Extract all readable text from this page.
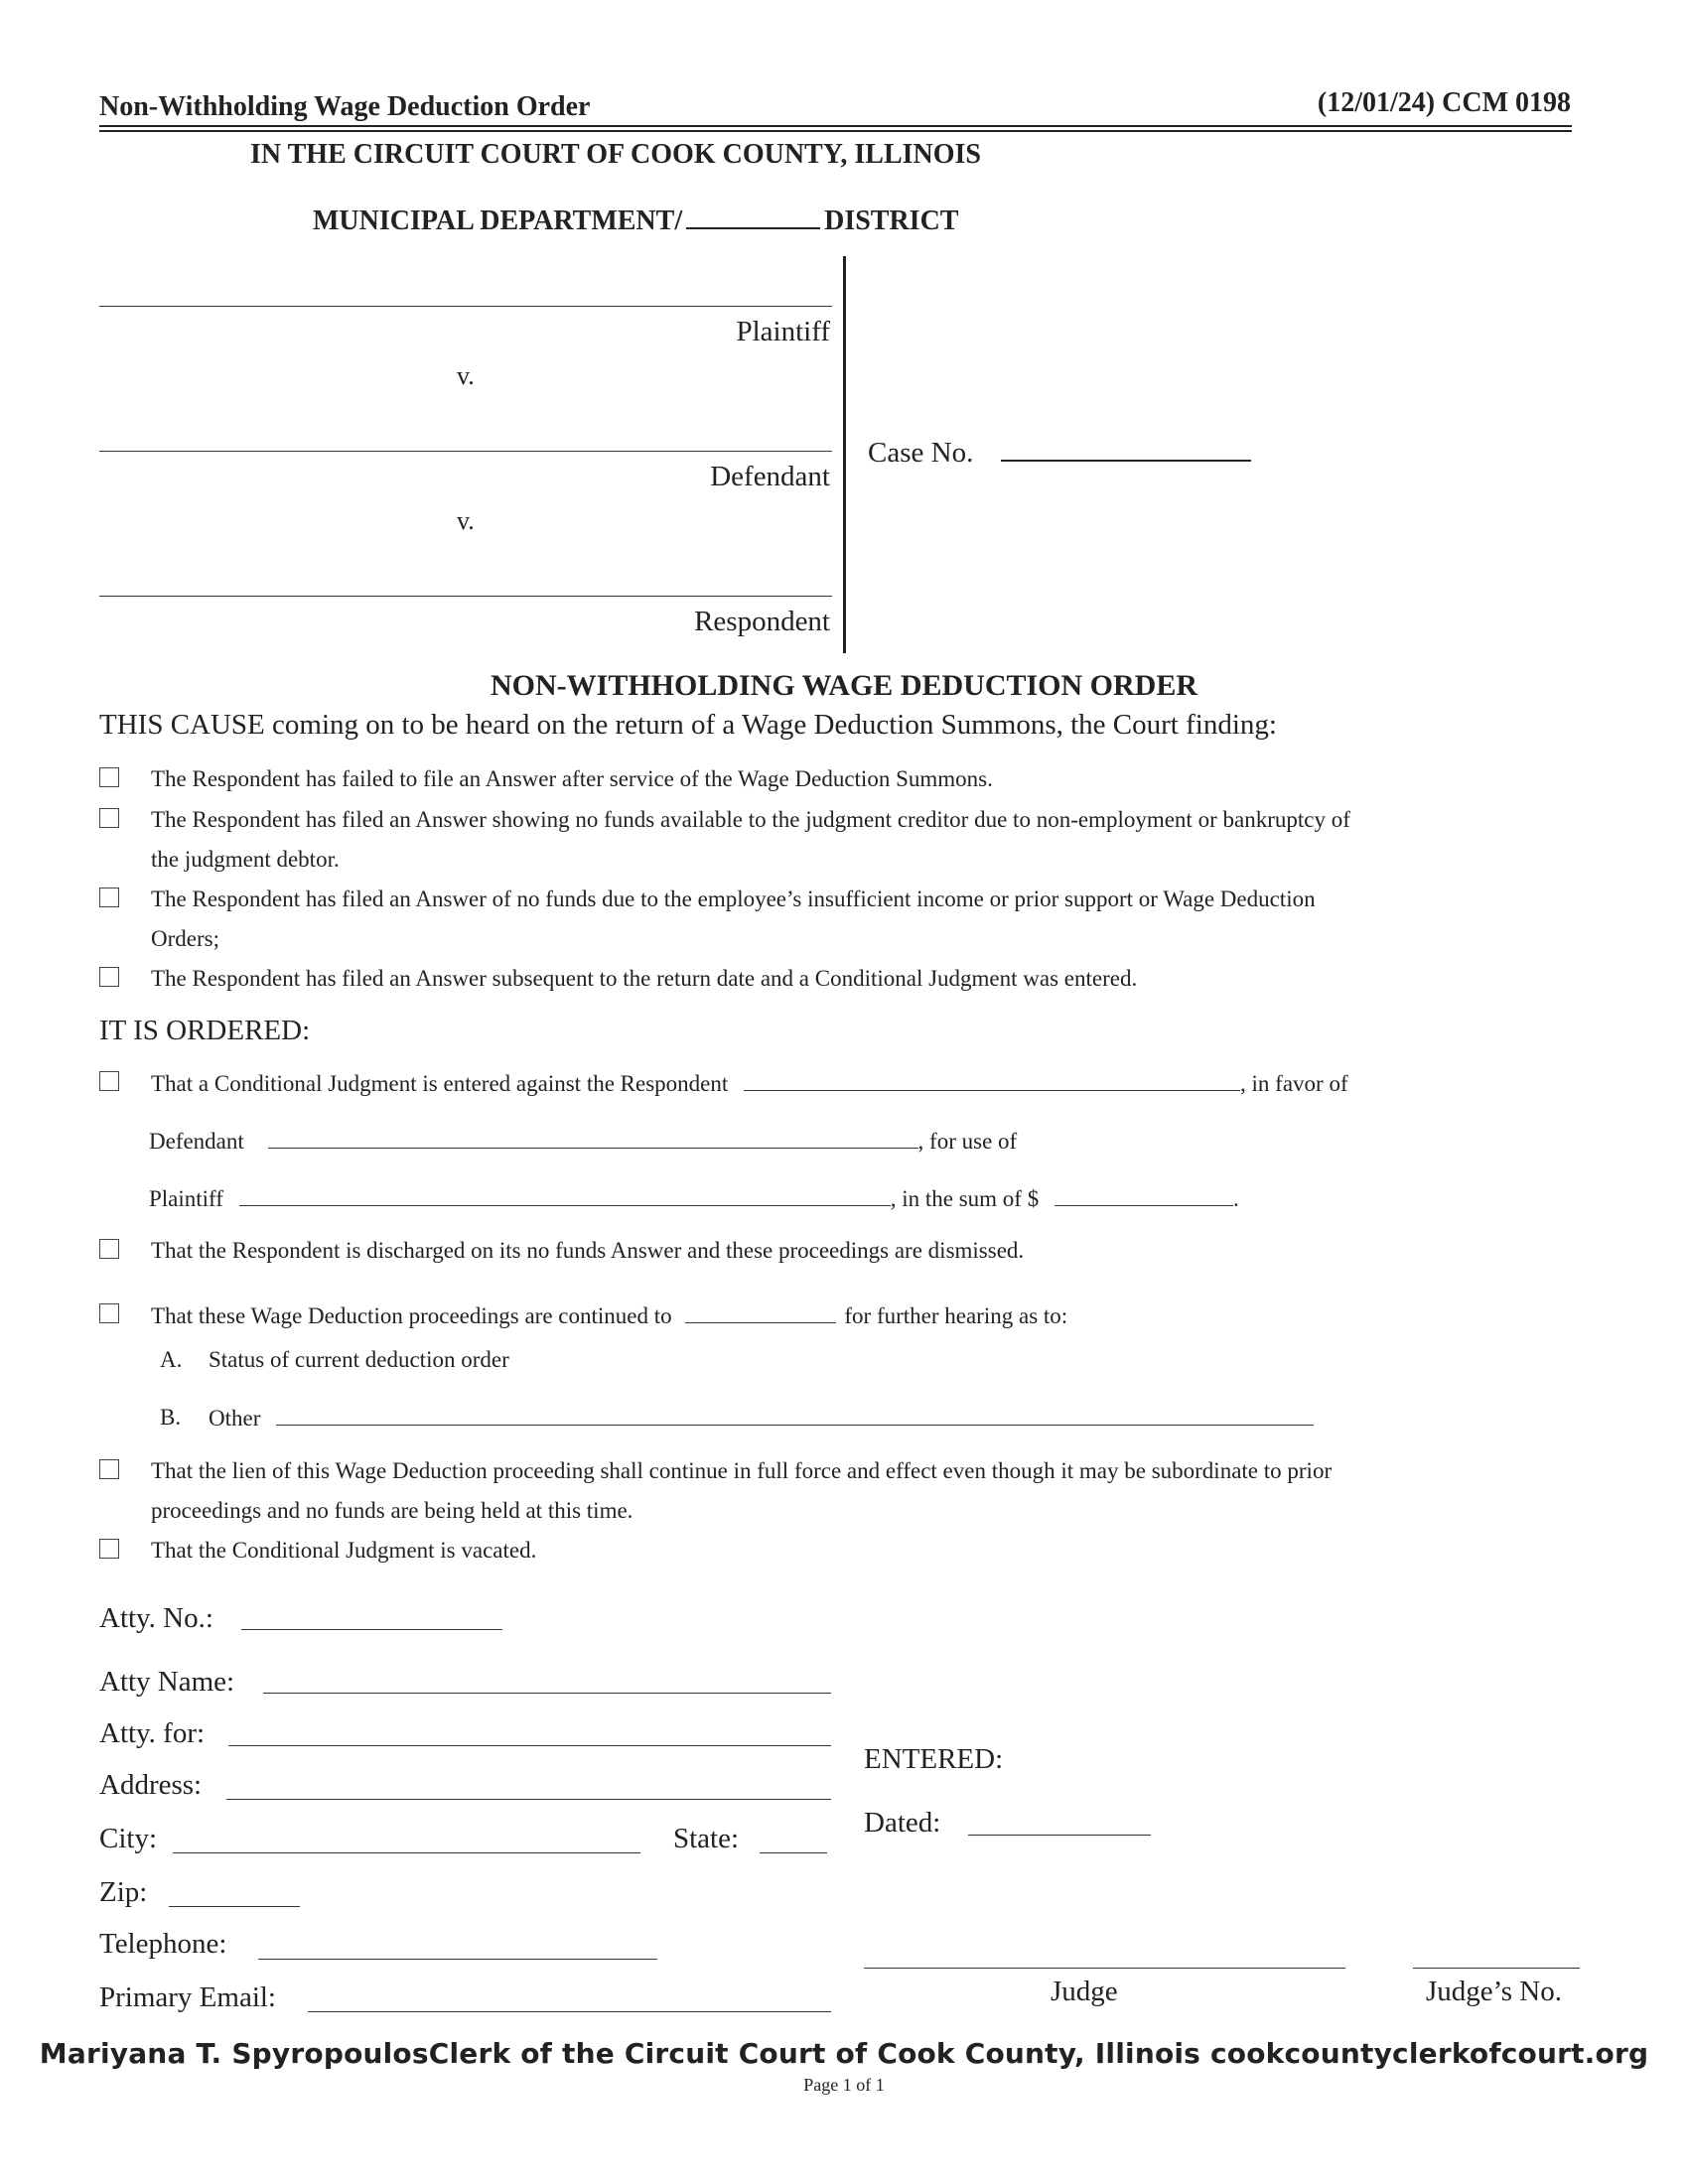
Non-Withholding Wage Deduction Order	(12/01/24) CCM 0198
IN THE CIRCUIT COURT OF COOK COUNTY, ILLINOIS
MUNICIPAL DEPARTMENT/	DISTRICT
Plaintiff
v.
Defendant
v.
Respondent
Case No.
NON-WITHHOLDING WAGE DEDUCTION ORDER
THIS CAUSE coming on to be heard on the return of a Wage Deduction Summons, the Court finding:
The Respondent has failed to file an Answer after service of the Wage Deduction Summons.
The Respondent has filed an Answer showing no funds available to the judgment creditor due to non-employment or bankruptcy of
the judgment debtor.
The Respondent has filed an Answer of no funds due to the employee’s insufficient income or prior support or Wage Deduction
Orders;
The Respondent has filed an Answer subsequent to the return date and a Conditional Judgment was entered.
IT IS ORDERED:
That a Conditional Judgment is entered against the Respondent	, in favor of
Defendant	, for use of
Plaintiff	, in the sum of $	.
That the Respondent is discharged on its no funds Answer and these proceedings are dismissed.
That these Wage Deduction proceedings are continued to	for further hearing as to:
A. Status of current deduction order
B. Other
That the lien of this Wage Deduction proceeding shall continue in full force and effect even though it may be subordinate to prior
proceedings and no funds are being held at this time.
That the Conditional Judgment is vacated.
Atty. No.:
Atty Name:
Atty. for:
Address:
City:	State:
Zip:
Telephone:
Primary Email:
ENTERED:
Dated:
Judge	Judge’s No.
Mariyana T. SpyropoulosClerk of the Circuit Court of Cook County, Illinois cookcountyclerkofcourt.org
Page 1 of 1
